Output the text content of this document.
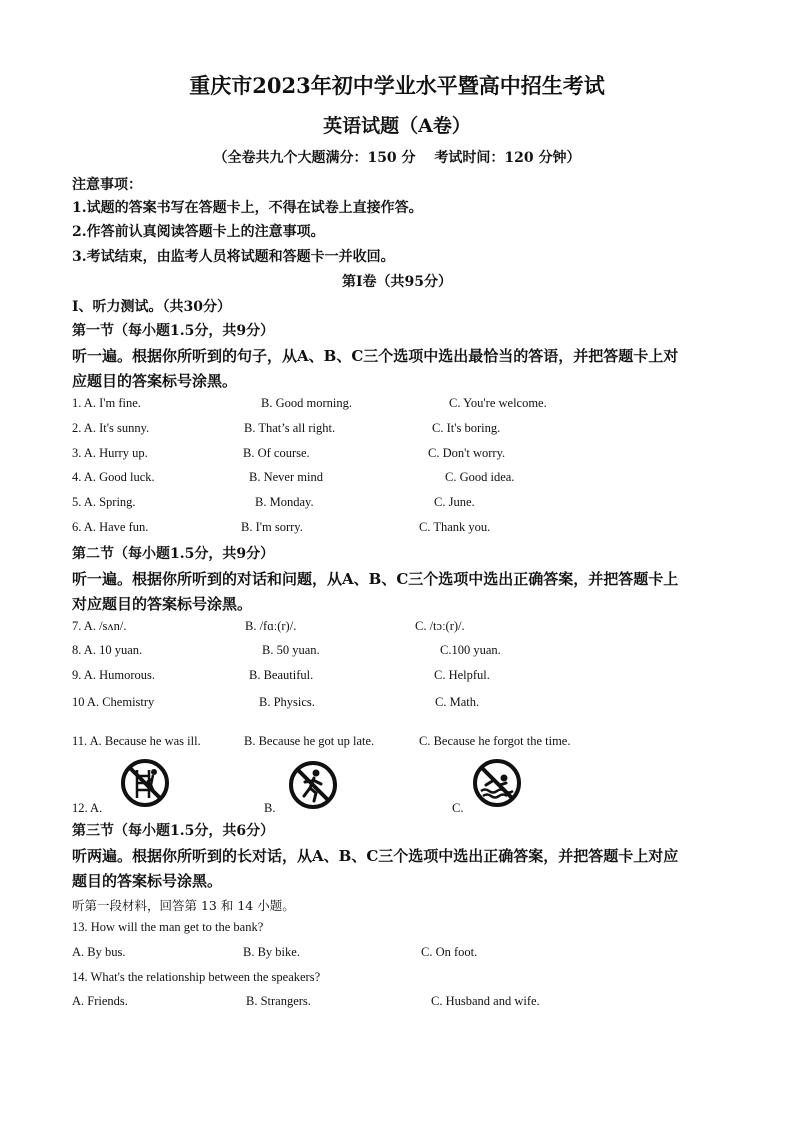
重庆市2023年初中学业水平暨高中招生考试
英语试题（A卷）
（全卷共九个大题满分：150 分　 考试时间：120 分钟）
注意事项：
1.试题的答案书写在答题卡上，不得在试卷上直接作答。
2.作答前认真阅读答题卡上的注意事项。
3.考试结束，由监考人员将试题和答题卡一并收回。
第Ⅰ卷（共95分）
Ⅰ、听力测试。（共30分）
第一节（每小题1.5分，共9分）
听一遍。根据你所听到的句子，从A、B、C三个选项中选出最恰当的答语，并把答题卡上对
应题目的答案标号涂黑。
1. A. I'm fine.	B. Good morning.	C. You're welcome.
2. A. It's sunny.	B. That’s all right.	C. It's boring.
3. A. Hurry up.	B. Of course.	C. Don't worry.
4. A. Good luck.	B. Never mind	C. Good idea.
5. A. Spring.	B. Monday.	C. June.
6. A. Have fun.	B. I'm sorry.	C. Thank you.
第二节（每小题1.5分，共9分）
听一遍。根据你所听到的对话和问题，从A、B、C三个选项中选出正确答案，并把答题卡上
对应题目的答案标号涂黑。
7. A. /sʌn/.	B. /fɑː(r)/.	C. /tɔː(r)/.
8. A. 10 yuan.	B. 50 yuan.	C.100 yuan.
9. A. Humorous.	B. Beautiful.	C. Helpful.
10 A. Chemistry	B. Physics.	C. Math.
11. A. Because he was ill.	B. Because he got up late.	C. Because he forgot the time.
12. A.	B.	C.
第三节（每小题1.5分，共6分）
听两遍。根据你所听到的长对话，从A、B、C三个选项中选出正确答案，并把答题卡上对应
题目的答案标号涂黑。
听第一段材料，回答第 13 和 14 小题。
13. How will the man get to the bank?
A. By bus.	B. By bike.	C. On foot.
14. What's the relationship between the speakers?
A. Friends.	B. Strangers.	C. Husband and wife.
